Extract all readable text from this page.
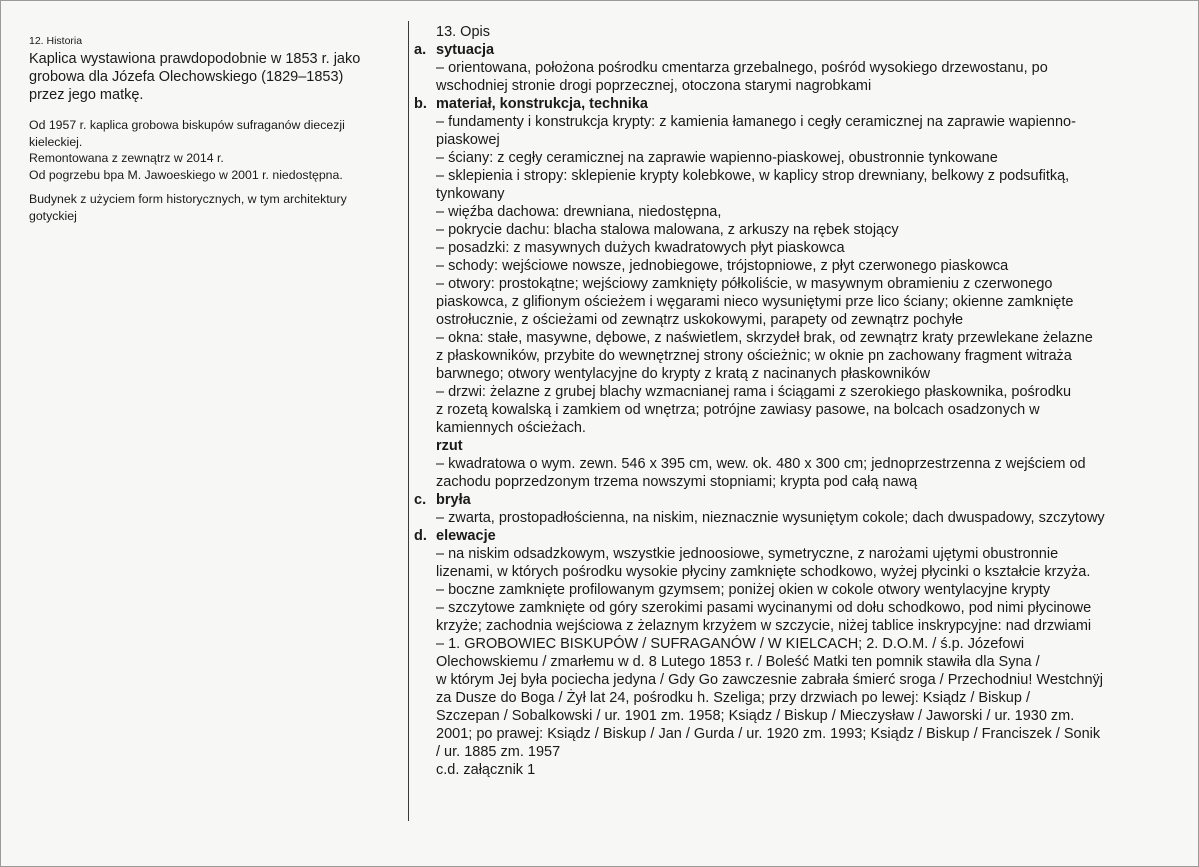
12. Historia
Kaplica wystawiona prawdopodobnie w 1853 r. jako
grobowa dla Józefa Olechowskiego (1829–1853)
przez jego matkę.
Od 1957 r. kaplica grobowa biskupów sufraganów diecezji
kieleckiej.
Remontowana z zewnątrz w 2014 r.
Od pogrzebu bpa M. Jawoeskiego w 2001 r. niedostępna.
Budynek z użyciem form historycznych, w tym architektury
gotyckiej
13. Opis
a. sytuacja
– orientowana, położona pośrodku cmentarza grzebalnego, pośród wysokiego drzewostanu, po
wschodniej stronie drogi poprzecznej, otoczona starymi nagrobkami
b. materiał, konstrukcja, technika
– fundamenty i konstrukcja krypty: z kamienia łamanego i cegły ceramicznej na zaprawie wapienno-
piaskowej
– ściany: z cegły ceramicznej na zaprawie wapienno-piaskowej, obustronnie tynkowane
– sklepienia i stropy: sklepienie krypty kolebkowe, w kaplicy strop drewniany, belkowy z podsufitką,
tynkowany
– więźba dachowa: drewniana, niedostępna,
– pokrycie dachu: blacha stalowa malowana, z arkuszy na rębek stojący
– posadzki: z masywnych dużych kwadratowych płyt piaskowca
– schody: wejściowe nowsze, jednobiegowe, trójstopniowe, z płyt czerwonego piaskowca
– otwory: prostokątne; wejściowy zamknięty półkoliście, w masywnym obramieniu z czerwonego
piaskowca, z glifionym ościeżem i węgarami nieco wysuniętymi prze lico ściany; okienne zamknięte
ostrołucznie, z ościeżami od zewnątrz uskokowymi, parapety od zewnątrz pochyłe
– okna: stałe, masywne, dębowe, z naświetlem, skrzydeł brak, od zewnątrz kraty przewlekane żelazne
z płaskowników, przybite do wewnętrznej strony ościeżnic; w oknie pn zachowany fragment witraża
barwnego; otwory wentylacyjne do krypty z kratą z nacinanych płaskowników
– drzwi: żelazne z grubej blachy wzmacnianej rama i ściągami z szerokiego płaskownika, pośrodku
z rozetą kowalską i zamkiem od wnętrza; potrójne zawiasy pasowe, na bolcach osadzonych w
kamiennych ościeżach.
rzut
– kwadratowa o wym. zewn. 546 x 395 cm, wew. ok. 480 x 300 cm; jednoprzestrzenna z wejściem od
zachodu poprzedzonym trzema nowszymi stopniami; krypta pod całą nawą
c. bryła
– zwarta, prostopadłościenna, na niskim, nieznacznie wysuniętym cokole; dach dwuspadowy, szczytowy
d. elewacje
– na niskim odsadzkowym, wszystkie jednoosiowe, symetryczne, z narożami ujętymi obustronnie
lizenami, w których pośrodku wysokie płyciny zamknięte schodkowo, wyżej płycinki o kształcie krzyża.
– boczne zamknięte profilowanym gzymsem; poniżej okien w cokole otwory wentylacyjne krypty
– szczytowe zamknięte od góry szerokimi pasami wycinanymi od dołu schodkowo, pod nimi płycinowe
krzyże; zachodnia wejściowa z żelaznym krzyżem w szczycie, niżej tablice inskrypcyjne: nad drzwiami
– 1. GROBOWIEC BISKUPÓW / SUFRAGANÓW / W KIELCACH; 2. D.O.M. / ś.p. Józefowi
Olechowskiemu / zmarłemu w d. 8 Lutego 1853 r. / Boleść Matki ten pomnik stawiła dla Syna /
w którym Jej była pociecha jedyna / Gdy Go zawczesnie zabrała śmierć sroga / Przechodniu! Westchnÿj
za Dusze do Boga / Żył lat 24, pośrodku h. Szeliga; przy drzwiach po lewej: Ksiądz / Biskup /
Szczepan / Sobalkowski / ur. 1901 zm. 1958; Ksiądz / Biskup / Mieczysław / Jaworski / ur. 1930 zm.
2001; po prawej: Ksiądz / Biskup / Jan / Gurda / ur. 1920 zm. 1993; Ksiądz / Biskup / Franciszek / Sonik
/ ur. 1885 zm. 1957
c.d. załącznik 1
